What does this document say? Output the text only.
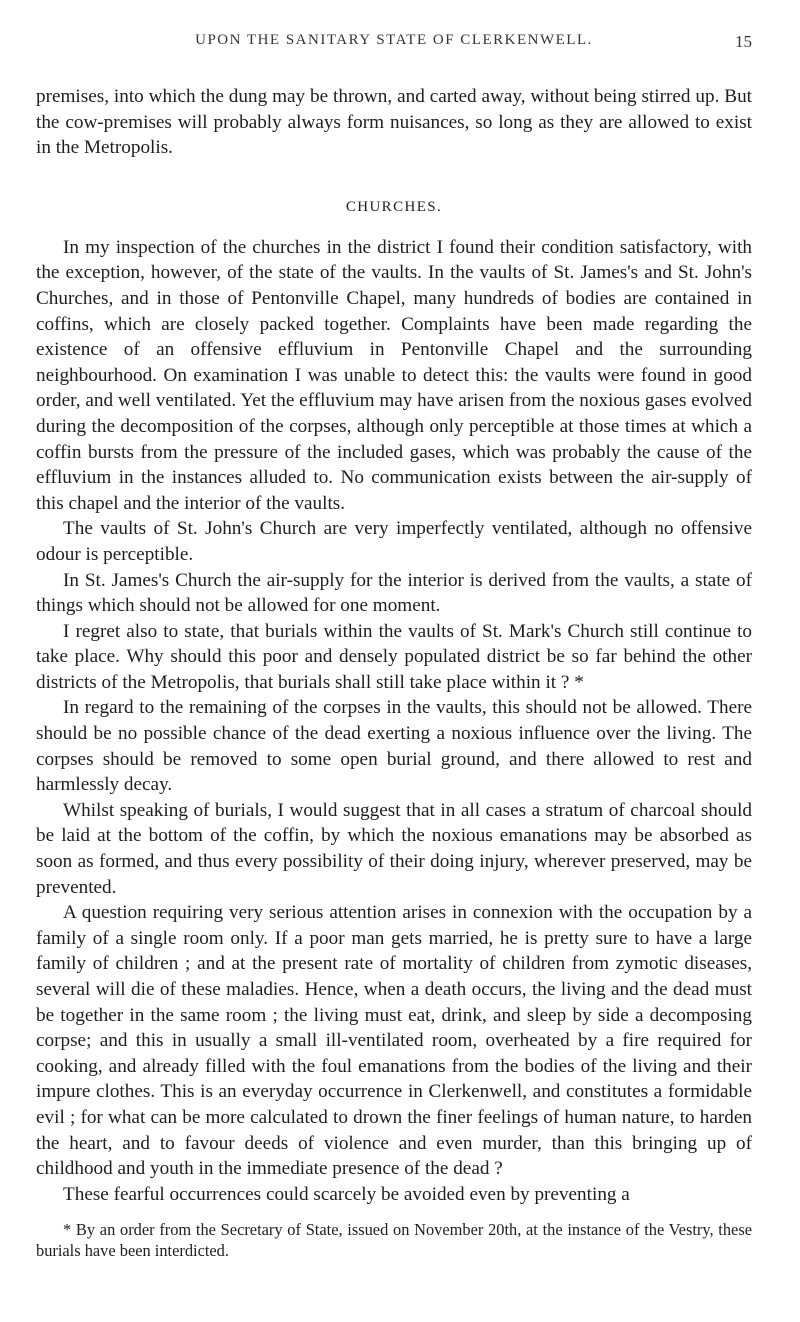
UPON THE SANITARY STATE OF CLERKENWELL.	15

premises, into which the dung may be thrown, and carted away, without being stirred up. But the cow-premises will probably always form nuisances, so long as they are allowed to exist in the Metropolis.

CHURCHES.

In my inspection of the churches in the district I found their condition satisfactory, with the exception, however, of the state of the vaults. In the vaults of St. James's and St. John's Churches, and in those of Pentonville Chapel, many hundreds of bodies are contained in coffins, which are closely packed together. Complaints have been made regarding the existence of an offensive effluvium in Pentonville Chapel and the surrounding neighbourhood. On examination I was unable to detect this: the vaults were found in good order, and well ventilated. Yet the effluvium may have arisen from the noxious gases evolved during the decomposition of the corpses, although only perceptible at those times at which a coffin bursts from the pressure of the included gases, which was probably the cause of the effluvium in the instances alluded to. No communication exists between the air-supply of this chapel and the interior of the vaults.

The vaults of St. John's Church are very imperfectly ventilated, although no offensive odour is perceptible.

In St. James's Church the air-supply for the interior is derived from the vaults, a state of things which should not be allowed for one moment.

I regret also to state, that burials within the vaults of St. Mark's Church still continue to take place. Why should this poor and densely populated district be so far behind the other districts of the Metropolis, that burials shall still take place within it ? *

In regard to the remaining of the corpses in the vaults, this should not be allowed. There should be no possible chance of the dead exerting a noxious influence over the living. The corpses should be removed to some open burial ground, and there allowed to rest and harmlessly decay.

Whilst speaking of burials, I would suggest that in all cases a stratum of charcoal should be laid at the bottom of the coffin, by which the noxious emanations may be absorbed as soon as formed, and thus every possibility of their doing injury, wherever preserved, may be prevented.

A question requiring very serious attention arises in connexion with the occupation by a family of a single room only. If a poor man gets married, he is pretty sure to have a large family of children ; and at the present rate of mortality of children from zymotic diseases, several will die of these maladies. Hence, when a death occurs, the living and the dead must be together in the same room ; the living must eat, drink, and sleep by side a decomposing corpse; and this in usually a small ill-ventilated room, overheated by a fire required for cooking, and already filled with the foul emanations from the bodies of the living and their impure clothes. This is an everyday occurrence in Clerkenwell, and constitutes a formidable evil ; for what can be more calculated to drown the finer feelings of human nature, to harden the heart, and to favour deeds of violence and even murder, than this bringing up of childhood and youth in the immediate presence of the dead ?

These fearful occurrences could scarcely be avoided even by preventing a

* By an order from the Secretary of State, issued on November 20th, at the instance of the Vestry, these burials have been interdicted.
